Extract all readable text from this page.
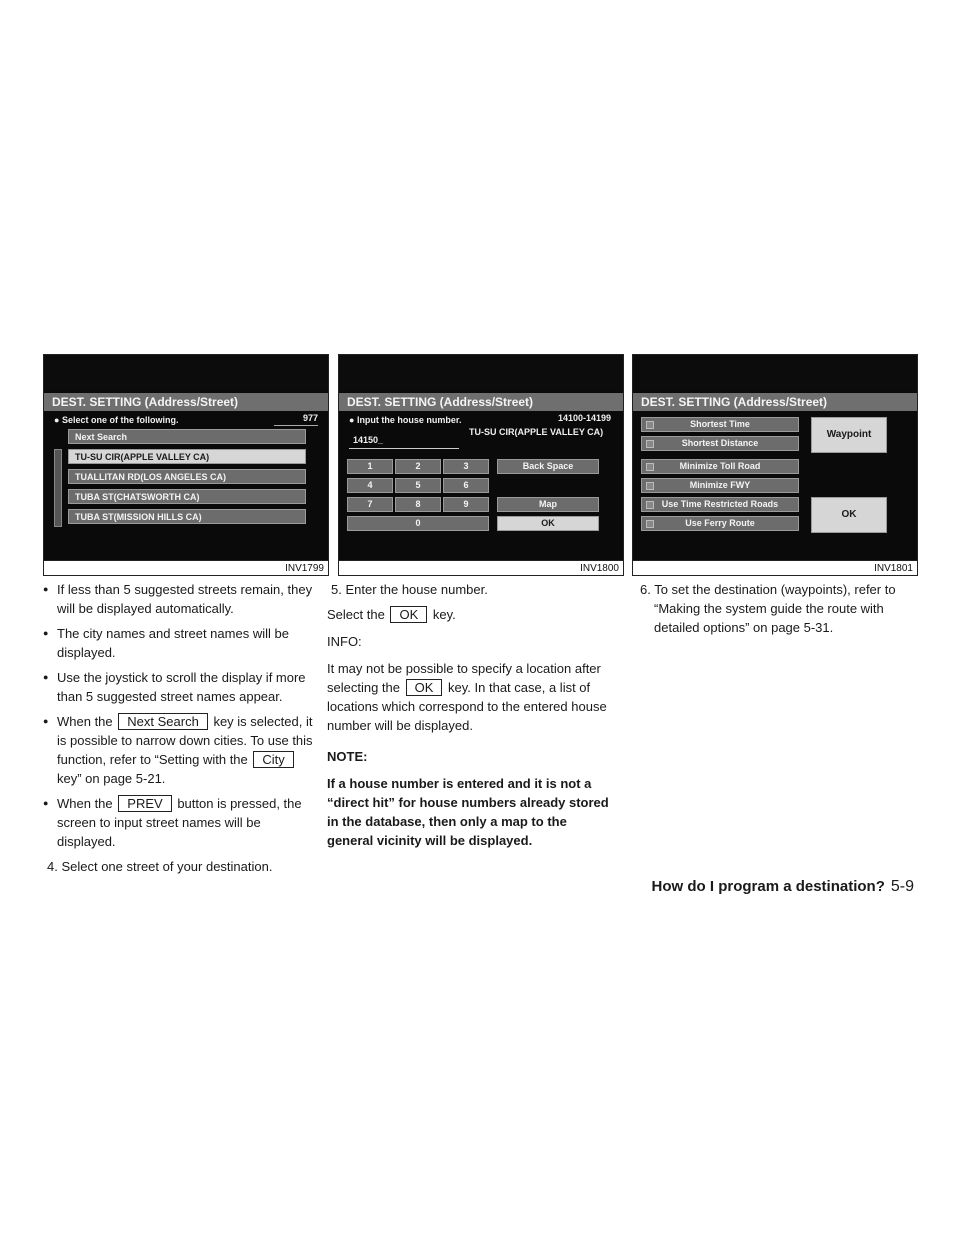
DEST. SETTING (Address/Street)
● Select one of the following.	977
Next Search
TU-SU CIR(APPLE VALLEY CA)
TUALLITAN RD(LOS ANGELES CA)
TUBA ST(CHATSWORTH CA)
TUBA ST(MISSION HILLS CA)
INV1799
DEST. SETTING (Address/Street)
● Input the house number.	14100-14199
14150_
TU-SU CIR(APPLE VALLEY CA)
1	2	3	Back Space
4	5	6
7	8	9	Map
0	OK
INV1800
DEST. SETTING (Address/Street)
Shortest Time
Shortest Distance
Minimize Toll Road
Minimize FWY
Use Time Restricted Roads
Use Ferry Route
Waypoint
OK
INV1801
● If less than 5 suggested streets remain, they will be displayed automatically.
● The city names and street names will be displayed.
● Use the joystick to scroll the display if more than 5 suggested street names appear.
● When the Next Search key is selected, it is possible to narrow down cities. To use this function, refer to “Setting with the City key” on page 5-21.
● When the PREV button is pressed, the screen to input street names will be displayed.
4. Select one street of your destination.
5. Enter the house number.

Select the OK key.

INFO:

It may not be possible to specify a location after selecting the OK key. In that case, a list of locations which correspond to the entered house number will be displayed.

NOTE:

If a house number is entered and it is not a “direct hit” for house numbers already stored in the database, then only a map to the general vicinity will be displayed.

6. To set the destination (waypoints), refer to “Making the system guide the route with detailed options” on page 5-31.
How do I program a destination? 5-9
